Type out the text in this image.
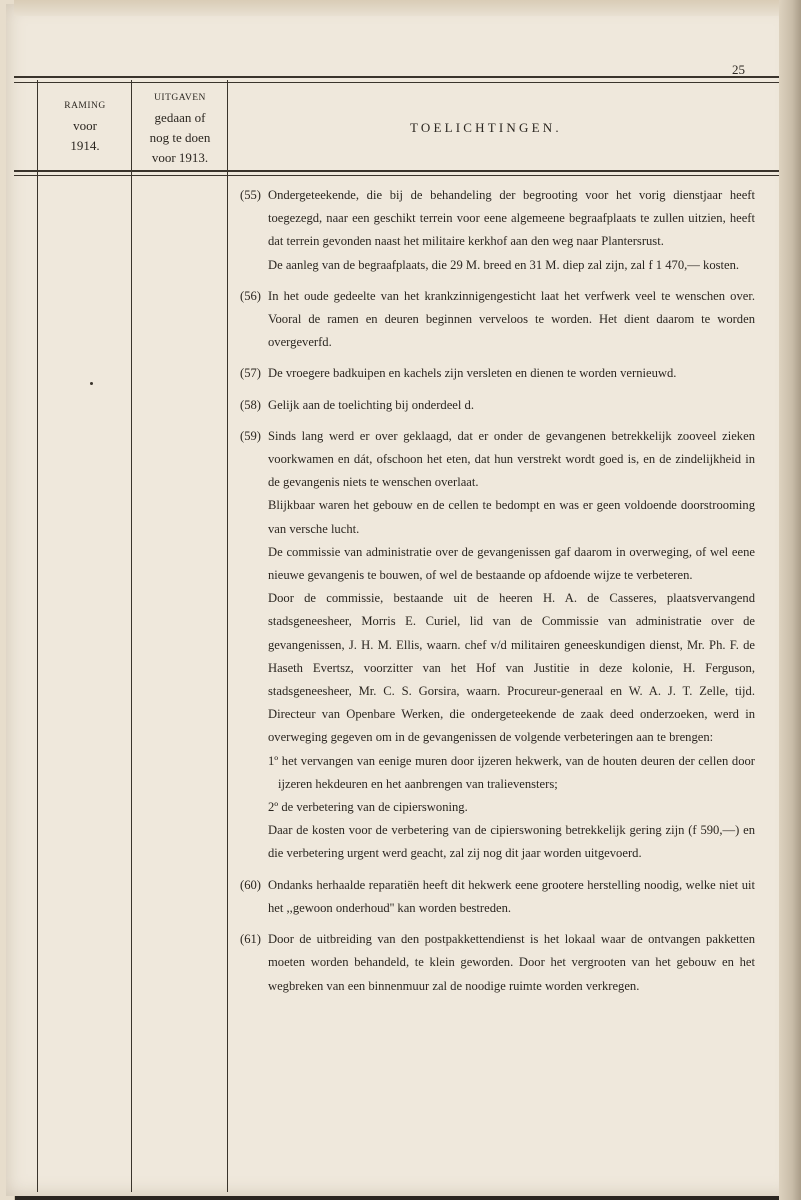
25
RAMING
voor
1914.
UITGAVEN
gedaan of
nog te doen
voor 1913.
TOELICHTINGEN.
(55) Ondergeteekende, die bij de behandeling der begrooting voor het vorig dienstjaar heeft toegezegd, naar een geschikt terrein voor eene algemeene begraafplaats te zullen uitzien, heeft dat terrein gevonden naast het militaire kerkhof aan den weg naar Plantersrust.

De aanleg van de begraafplaats, die 29 M. breed en 31 M. diep zal zijn, zal f 1 470,— kosten.

(56) In het oude gedeelte van het krankzinnigengesticht laat het verfwerk veel te wenschen over. Vooral de ramen en deuren beginnen verveloos te worden. Het dient daarom te worden overgeverfd.

(57) De vroegere badkuipen en kachels zijn versleten en dienen te worden vernieuwd.

(58) Gelijk aan de toelichting bij onderdeel d.

(59) Sinds lang werd er over geklaagd, dat er onder de gevangenen betrekkelijk zooveel zieken voorkwamen en dát, ofschoon het eten, dat hun verstrekt wordt goed is, en de zindelijkheid in de gevangenis niets te wenschen overlaat.

Blijkbaar waren het gebouw en de cellen te bedompt en was er geen voldoende doorstrooming van versche lucht.

De commissie van administratie over de gevangenissen gaf daarom in overweging, of wel eene nieuwe gevangenis te bouwen, of wel de bestaande op afdoende wijze te verbeteren.

Door de commissie, bestaande uit de heeren H. A. de Casseres, plaatsvervangend stadsgeneesheer, Morris E. Curiel, lid van de Commissie van administratie over de gevangenissen, J. H. M. Ellis, waarn. chef v/d militairen geneeskundigen dienst, Mr. Ph. F. de Haseth Evertsz, voorzitter van het Hof van Justitie in deze kolonie, H. Ferguson, stadsgeneesheer, Mr. C. S. Gorsira, waarn. Procureur-generaal en W. A. J. T. Zelle, tijd. Directeur van Openbare Werken, die ondergeteekende de zaak deed onderzoeken, werd in overweging gegeven om in de gevangenissen de volgende verbeteringen aan te brengen:

1º het vervangen van eenige muren door ijzeren hekwerk, van de houten deuren der cellen door ijzeren hekdeuren en het aanbrengen van tralievensters;

2º de verbetering van de cipierswoning.

Daar de kosten voor de verbetering van de cipierswoning betrekkelijk gering zijn (f 590,—) en die verbetering urgent werd geacht, zal zij nog dit jaar worden uitgevoerd.

(60) Ondanks herhaalde reparatiën heeft dit hekwerk eene grootere herstelling noodig, welke niet uit het ,,gewoon onderhoud'' kan worden bestreden.

(61) Door de uitbreiding van den postpakkettendienst is het lokaal waar de ontvangen pakketten moeten worden behandeld, te klein geworden. Door het vergrooten van het gebouw en het wegbreken van een binnenmuur zal de noodige ruimte worden verkregen.
